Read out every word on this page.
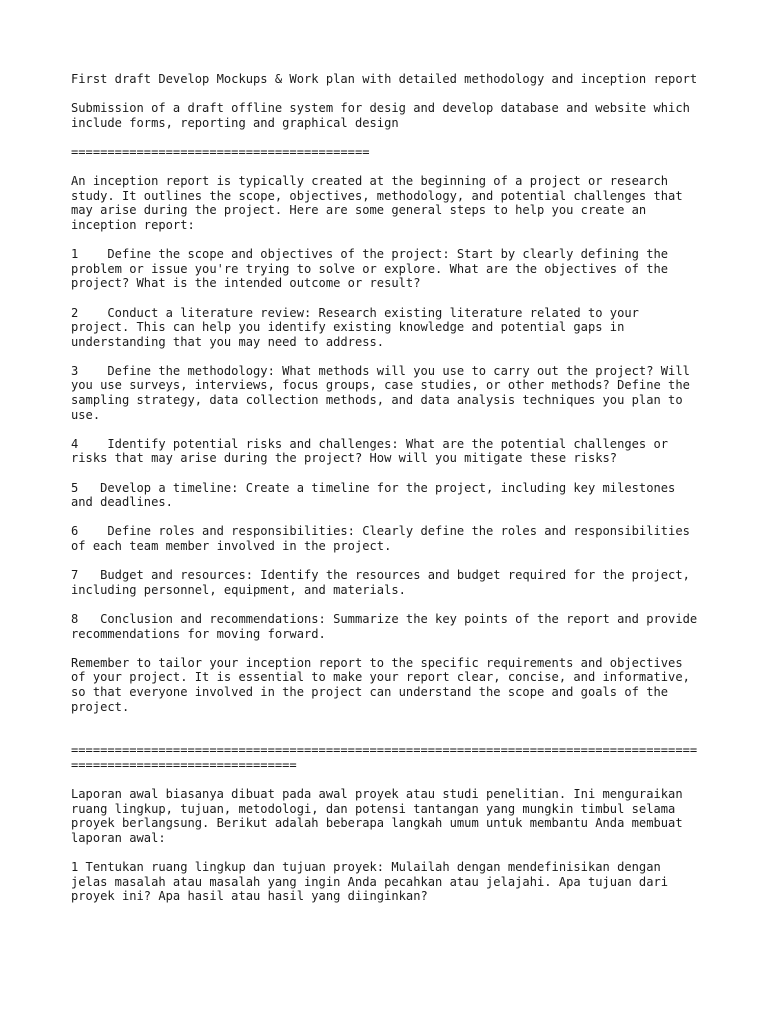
First draft Develop Mockups & Work plan with detailed methodology and inception report

Submission of a draft offline system for desig and develop database and website which include forms, reporting and graphical design

=========================================

An inception report is typically created at the beginning of a project or research study. It outlines the scope, objectives, methodology, and potential challenges that may arise during the project. Here are some general steps to help you create an inception report:

1    Define the scope and objectives of the project: Start by clearly defining the problem or issue you're trying to solve or explore. What are the objectives of the project? What is the intended outcome or result?

2    Conduct a literature review: Research existing literature related to your project. This can help you identify existing knowledge and potential gaps in understanding that you may need to address.

3    Define the methodology: What methods will you use to carry out the project? Will you use surveys, interviews, focus groups, case studies, or other methods? Define the sampling strategy, data collection methods, and data analysis techniques you plan to use.

4    Identify potential risks and challenges: What are the potential challenges or risks that may arise during the project? How will you mitigate these risks?

5   Develop a timeline: Create a timeline for the project, including key milestones and deadlines.

6    Define roles and responsibilities: Clearly define the roles and responsibilities of each team member involved in the project.

7   Budget and resources: Identify the resources and budget required for the project, including personnel, equipment, and materials.

8   Conclusion and recommendations: Summarize the key points of the report and provide recommendations for moving forward.

Remember to tailor your inception report to the specific requirements and objectives of your project. It is essential to make your report clear, concise, and informative, so that everyone involved in the project can understand the scope and goals of the project.

=====================================================================================================================

Laporan awal biasanya dibuat pada awal proyek atau studi penelitian. Ini menguraikan ruang lingkup, tujuan, metodologi, dan potensi tantangan yang mungkin timbul selama proyek berlangsung. Berikut adalah beberapa langkah umum untuk membantu Anda membuat laporan awal:

1 Tentukan ruang lingkup dan tujuan proyek: Mulailah dengan mendefinisikan dengan jelas masalah atau masalah yang ingin Anda pecahkan atau jelajahi. Apa tujuan dari proyek ini? Apa hasil atau hasil yang diinginkan?
